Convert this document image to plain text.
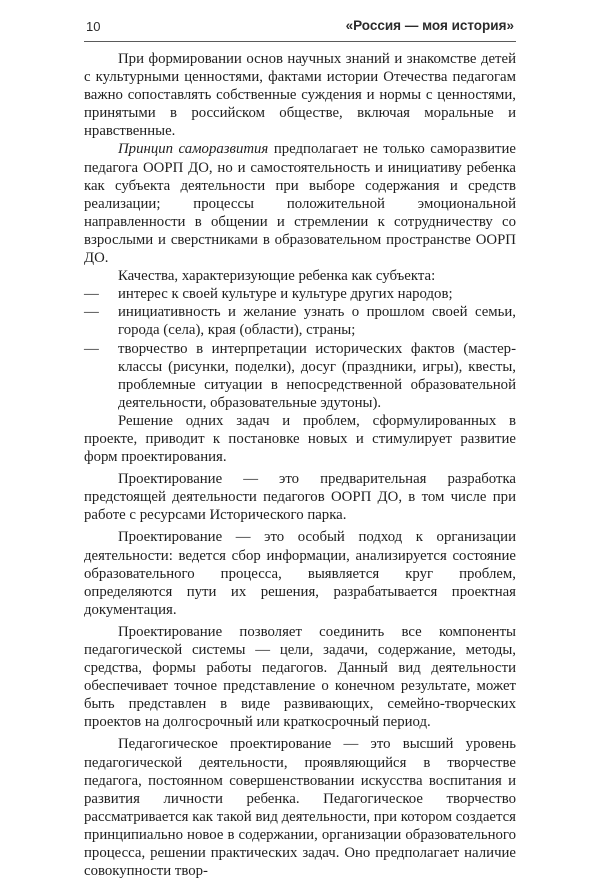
10	«Россия — моя история»

При формировании основ научных знаний и знакомстве детей с культурными ценностями, фактами истории Отечества педагогам важно сопоставлять собственные суждения и нормы с ценностями, принятыми в российском обществе, включая моральные и нравственные.

Принцип саморазвития предполагает не только саморазвитие педагога ООРП ДО, но и самостоятельность и инициативу ребенка как субъекта деятельности при выборе содержания и средств реализации; процессы положительной эмоциональной направленности в общении и стремлении к сотрудничеству со взрослыми и сверстниками в образовательном пространстве ООРП ДО.

Качества, характеризующие ребенка как субъекта:

—	интерес к своей культуре и культуре других народов;
—	инициативность и желание узнать о прошлом своей семьи, города (села), края (области), страны;
—	творчество в интерпретации исторических фактов (мастер-классы (рисунки, поделки), досуг (праздники, игры), квесты, проблемные ситуации в непосредственной образовательной деятельности, образовательные эдутоны).

Решение одних задач и проблем, сформулированных в проекте, приводит к постановке новых и стимулирует развитие форм проектирования.

Проектирование — это предварительная разработка предстоящей деятельности педагогов ООРП ДО, в том числе при работе с ресурсами Исторического парка.

Проектирование — это особый подход к организации деятельности: ведется сбор информации, анализируется состояние образовательного процесса, выявляется круг проблем, определяются пути их решения, разрабатывается проектная документация.

Проектирование позволяет соединить все компоненты педагогической системы — цели, задачи, содержание, методы, средства, формы работы педагогов. Данный вид деятельности обеспечивает точное представление о конечном результате, может быть представлен в виде развивающих, семейно-творческих проектов на долгосрочный или краткосрочный период.

Педагогическое проектирование — это высший уровень педагогической деятельности, проявляющийся в творчестве педагога, постоянном совершенствовании искусства воспитания и развития личности ребенка. Педагогическое творчество рассматривается как такой вид деятельности, при котором создается принципиально новое в содержании, организации образовательного процесса, решении практических задач. Оно предполагает наличие совокупности твор-
